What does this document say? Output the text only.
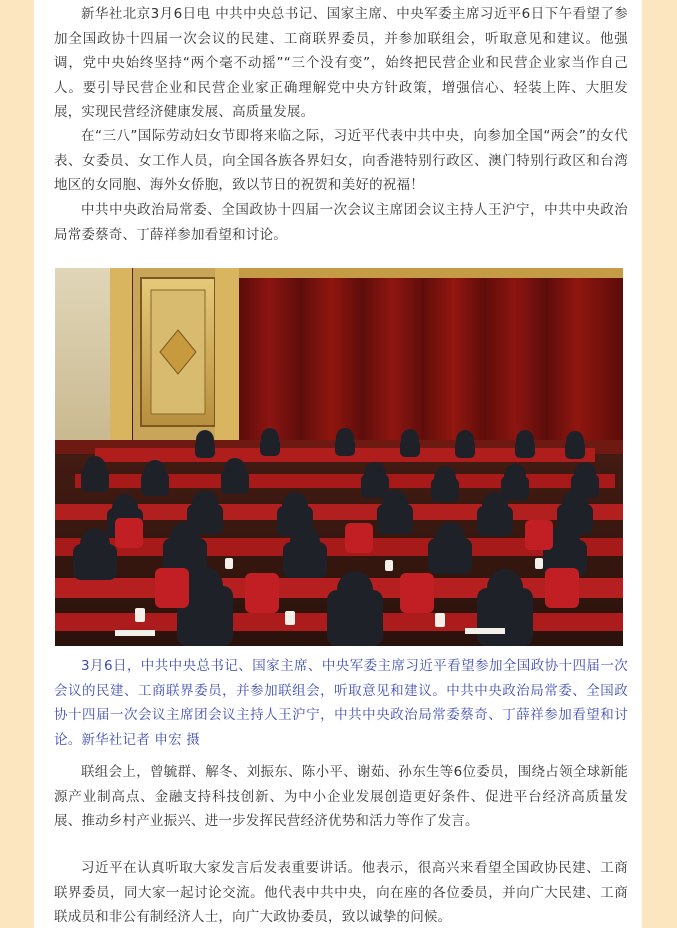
新华社北京3月6日电 中共中央总书记、国家主席、中央军委主席习近平6日下午看望了参加全国政协十四届一次会议的民建、工商联界委员，并参加联组会，听取意见和建议。他强调，党中央始终坚持“两个毫不动摇”“三个没有变”，始终把民营企业和民营企业家当作自己人。要引导民营企业和民营企业家正确理解党中央方针政策，增强信心、轻装上阵、大胆发展，实现民营经济健康发展、高质量发展。

在“三八”国际劳动妇女节即将来临之际，习近平代表中共中央，向参加全国“两会”的女代表、女委员、女工作人员，向全国各族各界妇女，向香港特别行政区、澳门特别行政区和台湾地区的女同胞、海外女侨胞，致以节日的祝贺和美好的祝福！

中共中央政治局常委、全国政协十四届一次会议主席团会议主持人王沪宁，中共中央政治局常委蔡奇、丁薛祥参加看望和讨论。

3月6日，中共中央总书记、国家主席、中央军委主席习近平看望参加全国政协十四届一次会议的民建、工商联界委员，并参加联组会，听取意见和建议。中共中央政治局常委、全国政协十四届一次会议主席团会议主持人王沪宁，中共中央政治局常委蔡奇、丁薛祥参加看望和讨论。新华社记者 申宏 摄

联组会上，曾毓群、解冬、刘振东、陈小平、谢茹、孙东生等6位委员，围绕占领全球新能源产业制高点、金融支持科技创新、为中小企业发展创造更好条件、促进平台经济高质量发展、推动乡村产业振兴、进一步发挥民营经济优势和活力等作了发言。

习近平在认真听取大家发言后发表重要讲话。他表示，很高兴来看望全国政协民建、工商联界委员，同大家一起讨论交流。他代表中共中央，向在座的各位委员，并向广大民建、工商联成员和非公有制经济人士，向广大政协委员，致以诚挚的问候。
